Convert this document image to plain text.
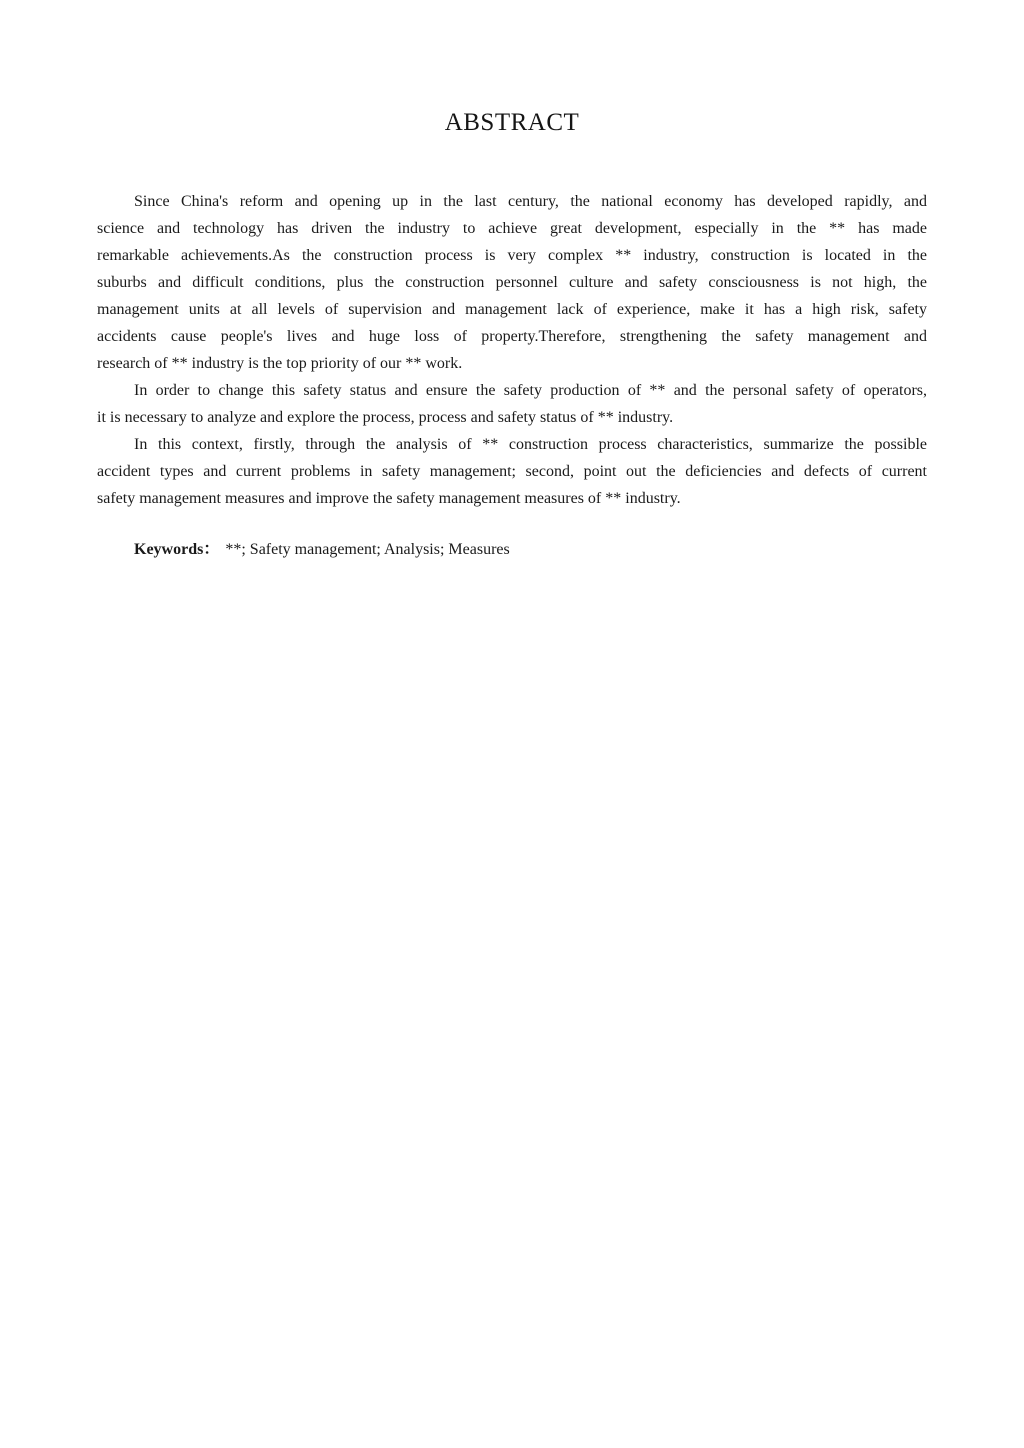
ABSTRACT
Since China's reform and opening up in the last century, the national economy has developed rapidly, and
science and technology has driven the industry to achieve great development, especially in the ** has made
remarkable achievements.As the construction process is very complex ** industry, construction is located in the
suburbs and difficult conditions, plus the construction personnel culture and safety consciousness is not high, the
management units at all levels of supervision and management lack of experience, make it has a high risk, safety
accidents cause people's lives and huge loss of property.Therefore, strengthening the safety management and
research of ** industry is the top priority of our ** work.
In order to change this safety status and ensure the safety production of ** and the personal safety of operators,
it is necessary to analyze and explore the process, process and safety status of ** industry.
In this context, firstly, through the analysis of ** construction process characteristics, summarize the possible
accident types and current problems in safety management; second, point out the deficiencies and defects of current
safety management measures and improve the safety management measures of ** industry.
Keywords： **; Safety management; Analysis; Measures
